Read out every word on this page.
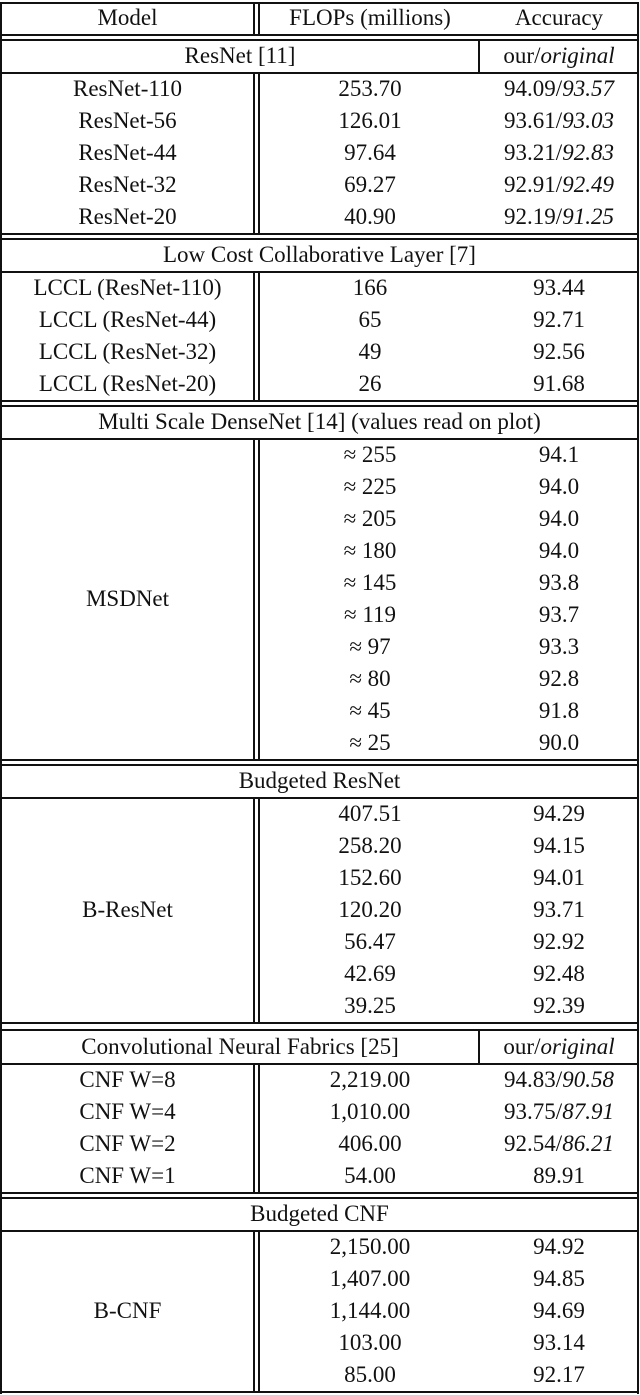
Model	FLOPs (millions)	Accuracy
ResNet [11]	our/original
ResNet-110	253.70	94.09/93.57
ResNet-56	126.01	93.61/93.03
ResNet-44	97.64	93.21/92.83
ResNet-32	69.27	92.91/92.49
ResNet-20	40.90	92.19/91.25
Low Cost Collaborative Layer [7]
LCCL (ResNet-110)	166	93.44
LCCL (ResNet-44)	65	92.71
LCCL (ResNet-32)	49	92.56
LCCL (ResNet-20)	26	91.68
Multi Scale DenseNet [14] (values read on plot)
MSDNet
≈ 255	94.1
≈ 225	94.0
≈ 205	94.0
≈ 180	94.0
≈ 145	93.8
≈ 119	93.7
≈ 97	93.3
≈ 80	92.8
≈ 45	91.8
≈ 25	90.0
Budgeted ResNet
B-ResNet
407.51	94.29
258.20	94.15
152.60	94.01
120.20	93.71
56.47	92.92
42.69	92.48
39.25	92.39
Convolutional Neural Fabrics [25]	our/original
CNF W=8	2,219.00	94.83/90.58
CNF W=4	1,010.00	93.75/87.91
CNF W=2	406.00	92.54/86.21
CNF W=1	54.00	89.91
Budgeted CNF
B-CNF
2,150.00	94.92
1,407.00	94.85
1,144.00	94.69
103.00	93.14
85.00	92.17
